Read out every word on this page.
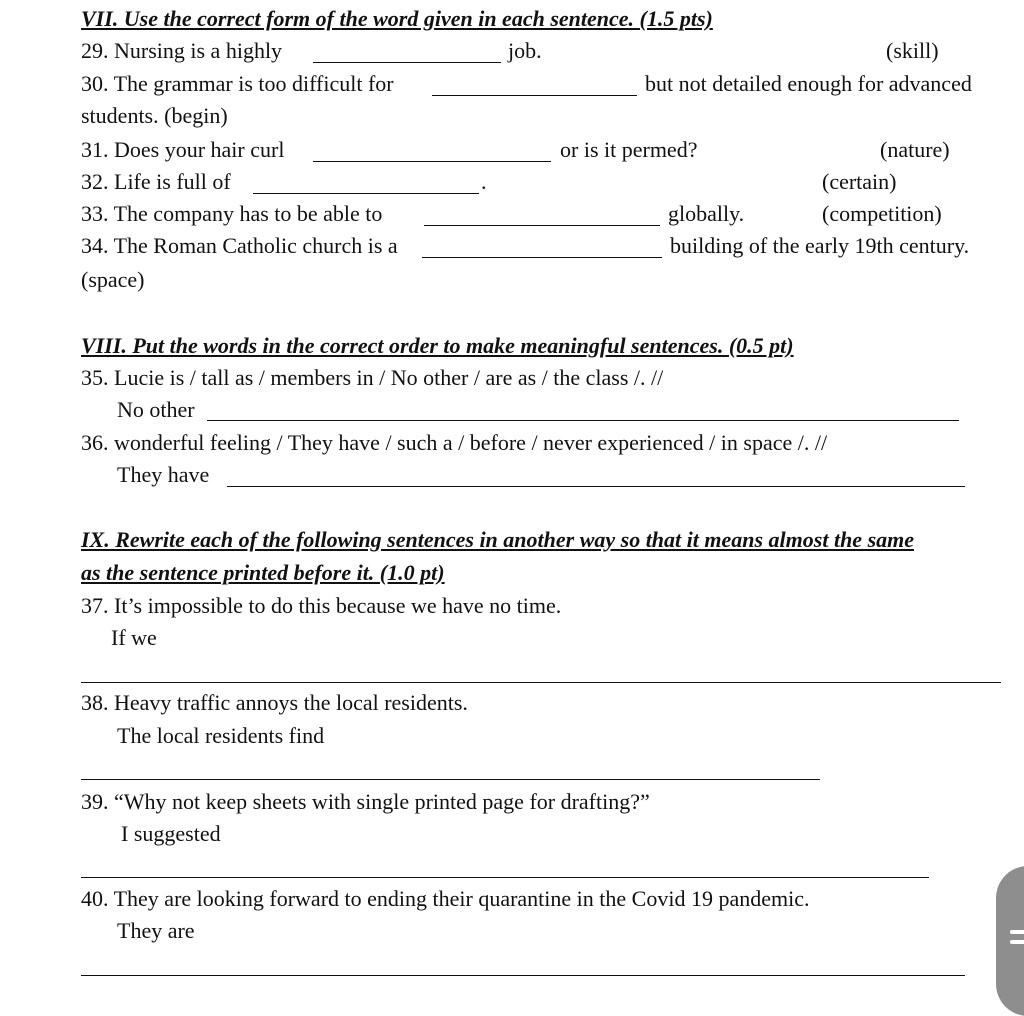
VII. Use the correct form of the word given in each sentence. (1.5 pts)
29. Nursing is a highly	job.	(skill)
30. The grammar is too difficult for	but not detailed enough for advanced
students. (begin)
31. Does your hair curl	or is it permed?	(nature)
32. Life is full of	.	(certain)
33. The company has to be able to	globally.	(competition)
34. The Roman Catholic church is a	building of the early 19th century.
(space)
VIII. Put the words in the correct order to make meaningful sentences. (0.5 pt)
35. Lucie is / tall as / members in / No other / are as / the class /. //
No other
36. wonderful feeling / They have / such a / before / never experienced / in space /. //
They have
IX. Rewrite each of the following sentences in another way so that it means almost the same
as the sentence printed before it. (1.0 pt)
37. It’s impossible to do this because we have no time.
If we
38. Heavy traffic annoys the local residents.
The local residents find
39. “Why not keep sheets with single printed page for drafting?”
I suggested
40. They are looking forward to ending their quarantine in the Covid 19 pandemic.
They are
